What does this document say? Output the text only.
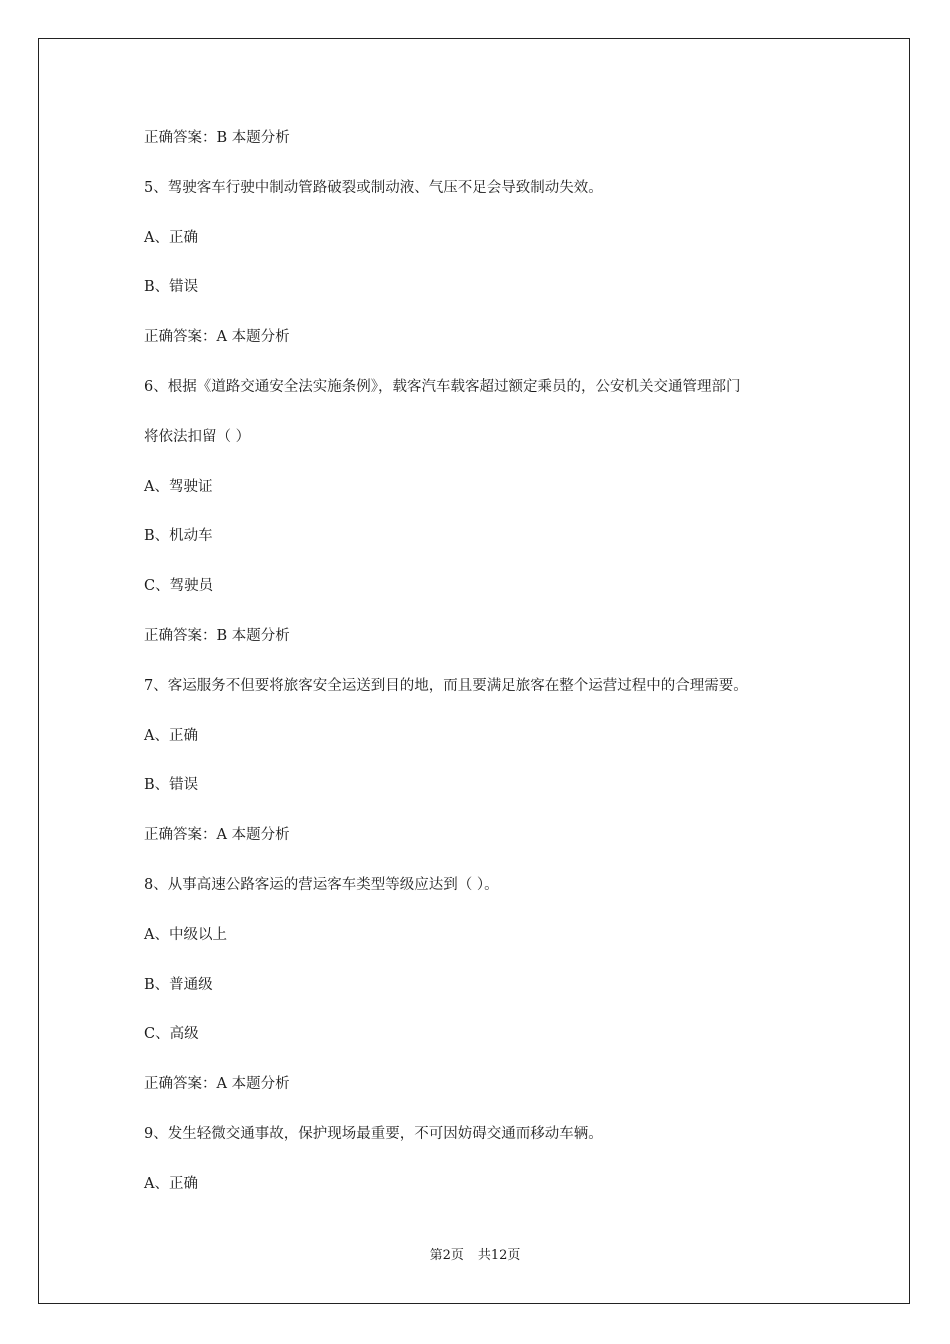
正确答案：B 本题分析
5、驾驶客车行驶中制动管路破裂或制动液、气压不足会导致制动失效。
A、正确
B、错误
正确答案：A 本题分析
6、根据《道路交通安全法实施条例》，载客汽车载客超过额定乘员的，公安机关交通管理部门
将依法扣留（ ）
A、驾驶证
B、机动车
C、驾驶员
正确答案：B 本题分析
7、客运服务不但要将旅客安全运送到目的地，而且要满足旅客在整个运营过程中的合理需要。
A、正确
B、错误
正确答案：A 本题分析
8、从事高速公路客运的营运客车类型等级应达到（ ）。
A、中级以上
B、普通级
C、高级
正确答案：A 本题分析
9、发生轻微交通事故，保护现场最重要，不可因妨碍交通而移动车辆。
A、正确
第2页 共12页
